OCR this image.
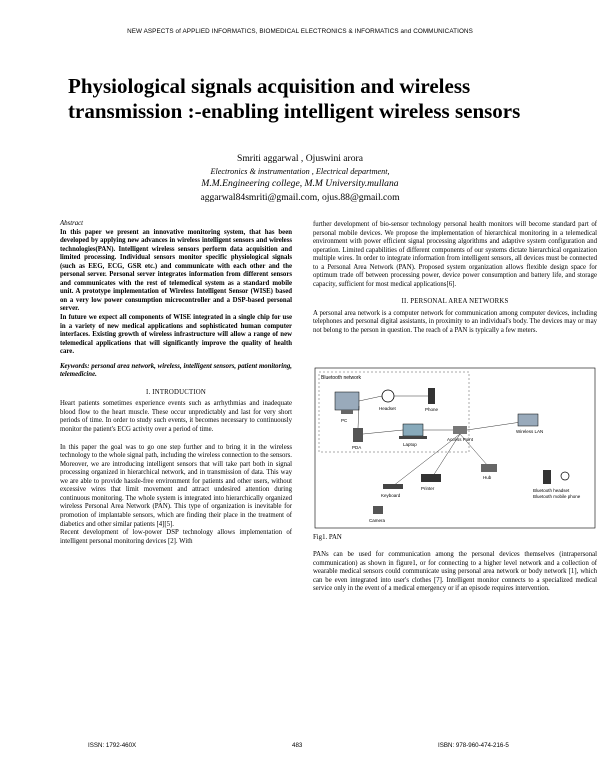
NEW ASPECTS of APPLIED INFORMATICS, BIOMEDICAL ELECTRONICS & INFORMATICS and COMMUNICATIONS
Physiological signals acquisition and wireless transmission :-enabling intelligent wireless sensors
Smriti aggarwal , Ojuswini arora
Electronics & instrumentation , Electrical department,
M.M.Engineering college, M.M University.mullana
aggarwal84smriti@gmail.com, ojus.88@gmail.com

Abstract

In this paper we present an innovative monitoring system, that has been developed by applying new advances in wireless intelligent sensors and wireless technologies(PAN). Intelligent wireless sensors perform data acquisition and limited processing. Individual sensors monitor specific physiological signals (such as EEG, ECG, GSR etc.) and communicate with each other and the personal server. Personal server integrates information from different sensors and communicates with the rest of telemedical system as a standard mobile unit. A prototype implementation of Wireless Intelligent Sensor (WISE) based on a very low power consumption microcontroller and a DSP-based personal server.

In future we expect all components of WISE integrated in a single chip for use in a variety of new medical applications and sophisticated human computer interfaces. Existing growth of wireless infrastructure will allow a range of new telemedical applications that will significantly improve the quality of health care.

Keywords: personal area network, wireless, intelligent sensors, patient monitoring, telemedicine.

I. INTRODUCTION

Heart patients sometimes experience events such as arrhythmias and inadequate blood flow to the heart muscle. These occur unpredictably and last for very short periods of time. In order to study such events, it becomes necessary to continuously monitor the patient's ECG activity over a period of time.

In this paper the goal was to go one step further and to bring it in the wireless technology to the whole signal path, including the wireless connection to the sensors. Moreover, we are introducing intelligent sensors that will take part both in signal processing organized in hierarchical network, and in transmission of data. This way we are able to provide hassle-free environment for patients and other users, without excessive wires that limit movement and attract undesired attention during continuous monitoring. The whole system is integrated into hierarchically organized wireless Personal Area Network (PAN). This type of organization is inevitable for promotion of implantable sensors, which are finding their place in the treatment of diabetics and other similar patients [4][5].

Recent development of low-power DSP technology allows implementation of intelligent personal monitoring devices [2]. With

further development of bio-sensor technology personal health monitors will become standard part of personal mobile devices. We propose the implementation of hierarchical monitoring in a telemedical environment with power efficient signal processing algorithms and adaptive system configuration and operation. Limited capabilities of different components of our systems dictate hierarchical organization multiple wires. In order to integrate information from intelligent sensors, all devices must be connected to a Personal Area Network (PAN). Proposed system organization allows flexible design space for optimum trade off between processing power, device power consumption and battery life, and storage capacity, sufficient for most medical applications[6].

II. PERSONAL AREA NETWORKS

A personal area network is a computer network for communication among computer devices, including telephones and personal digital assistants, in proximity to an individual's body. The devices may or may not belong to the person in question. The reach of a PAN is typically a few meters.

Bluetooth network
PC
Headset	Phone
PDA
Laptop
Access Point
Hub
Wireless LAN
Printer
Keyboard
Camera
Bluetooth headset
Bluetooth mobile phone
Fig1. PAN

PANs can be used for communication among the personal devices themselves (intrapersonal communication) as shown in figure1, or for connecting to a higher level network and a collection of wearable medical sensors could communicate using personal area network or body network [1], which can be even integrated into user's clothes [7]. Intelligent monitor connects to a specialized medical service only in the event of a medical emergency or if an episode requires intervention.

ISSN: 1792-460X	483	ISBN: 978-960-474-216-5
